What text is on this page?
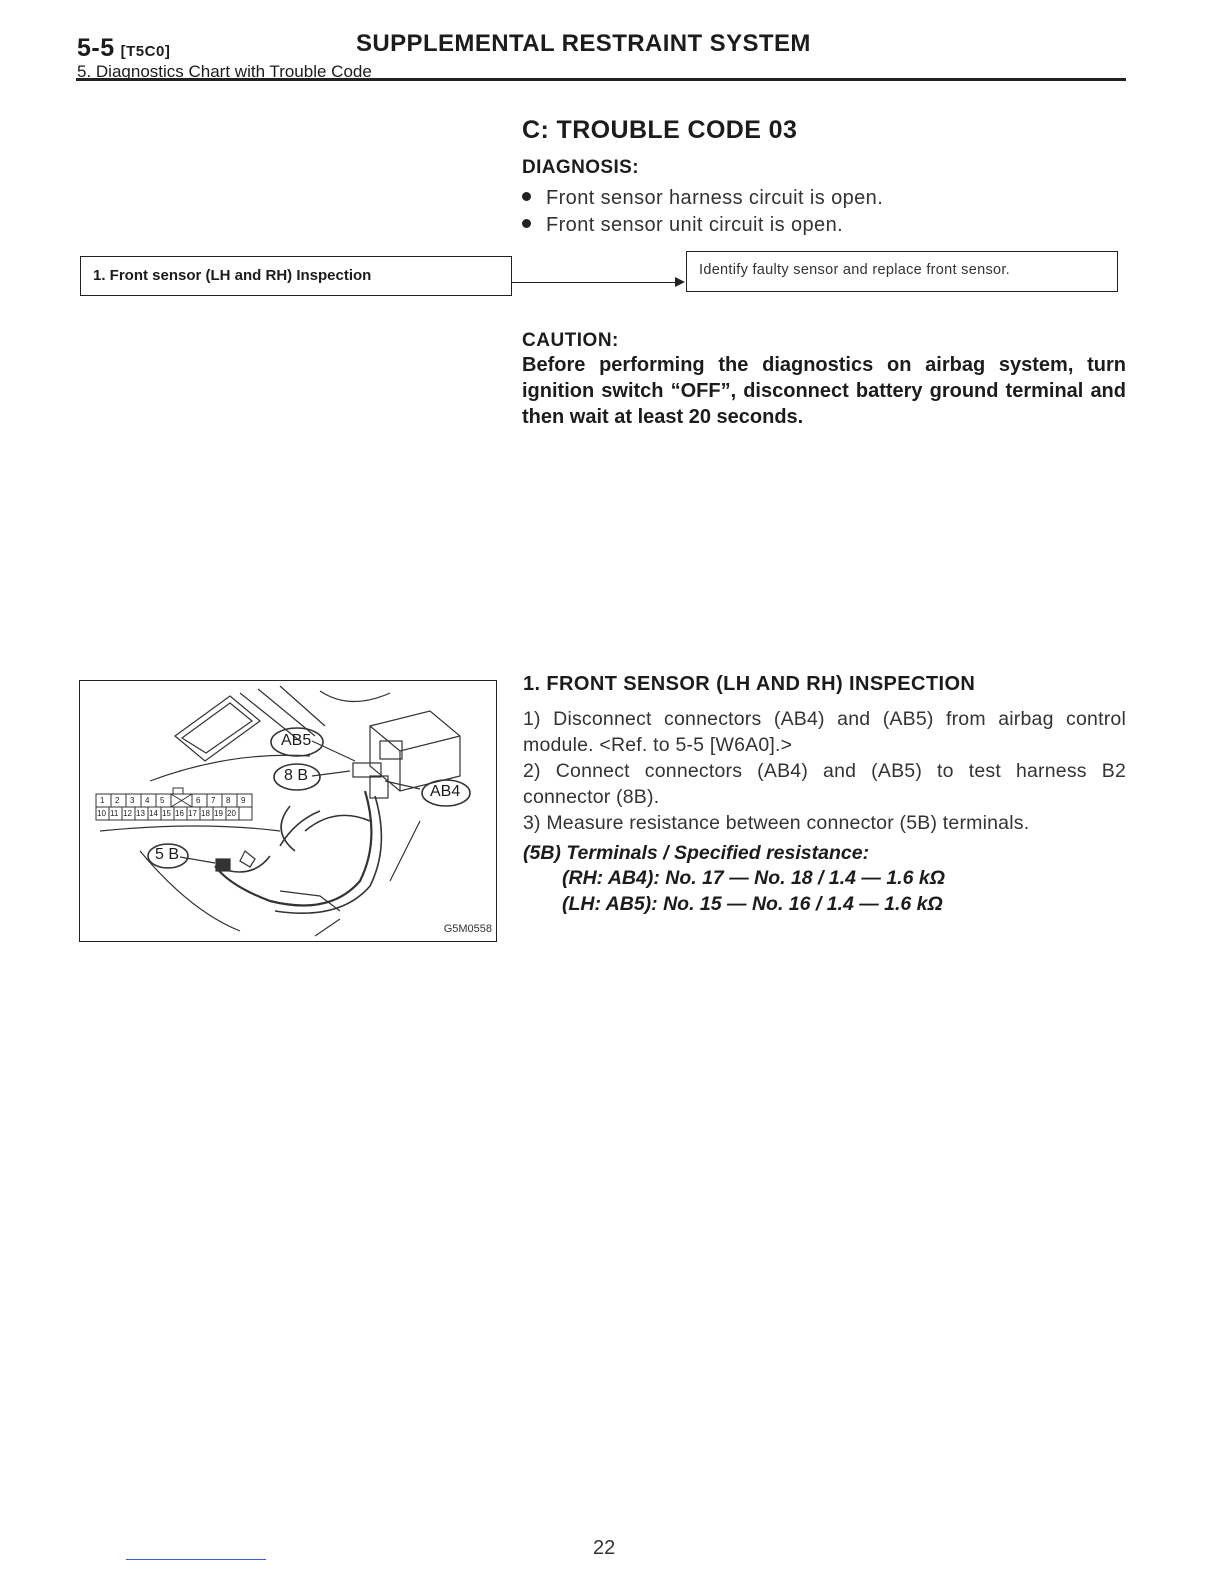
5-5 [T5C0]	SUPPLEMENTAL RESTRAINT SYSTEM
5. Diagnostics Chart with Trouble Code
C: TROUBLE CODE 03
DIAGNOSIS:
Front sensor harness circuit is open.
Front sensor unit circuit is open.
1. Front sensor (LH and RH) Inspection	Identify faulty sensor and replace front sensor.
CAUTION:
Before performing the diagnostics on airbag system, turn ignition switch “OFF”, disconnect battery ground terminal and then wait at least 20 seconds.
AB5
8 B
AB4
5 B
1 2 3 4 5	6 7 8 9
10 11 12 13 14 15 16 17 18 19 20
G5M0558
1. FRONT SENSOR (LH AND RH) INSPECTION
1) Disconnect connectors (AB4) and (AB5) from airbag control module. <Ref. to 5-5 [W6A0].>
2) Connect connectors (AB4) and (AB5) to test harness B2 connector (8B).
3) Measure resistance between connector (5B) terminals.
(5B) Terminals / Specified resistance:
(RH: AB4): No. 17 — No. 18 / 1.4 — 1.6 kΩ
(LH: AB5): No. 15 — No. 16 / 1.4 — 1.6 kΩ
22
